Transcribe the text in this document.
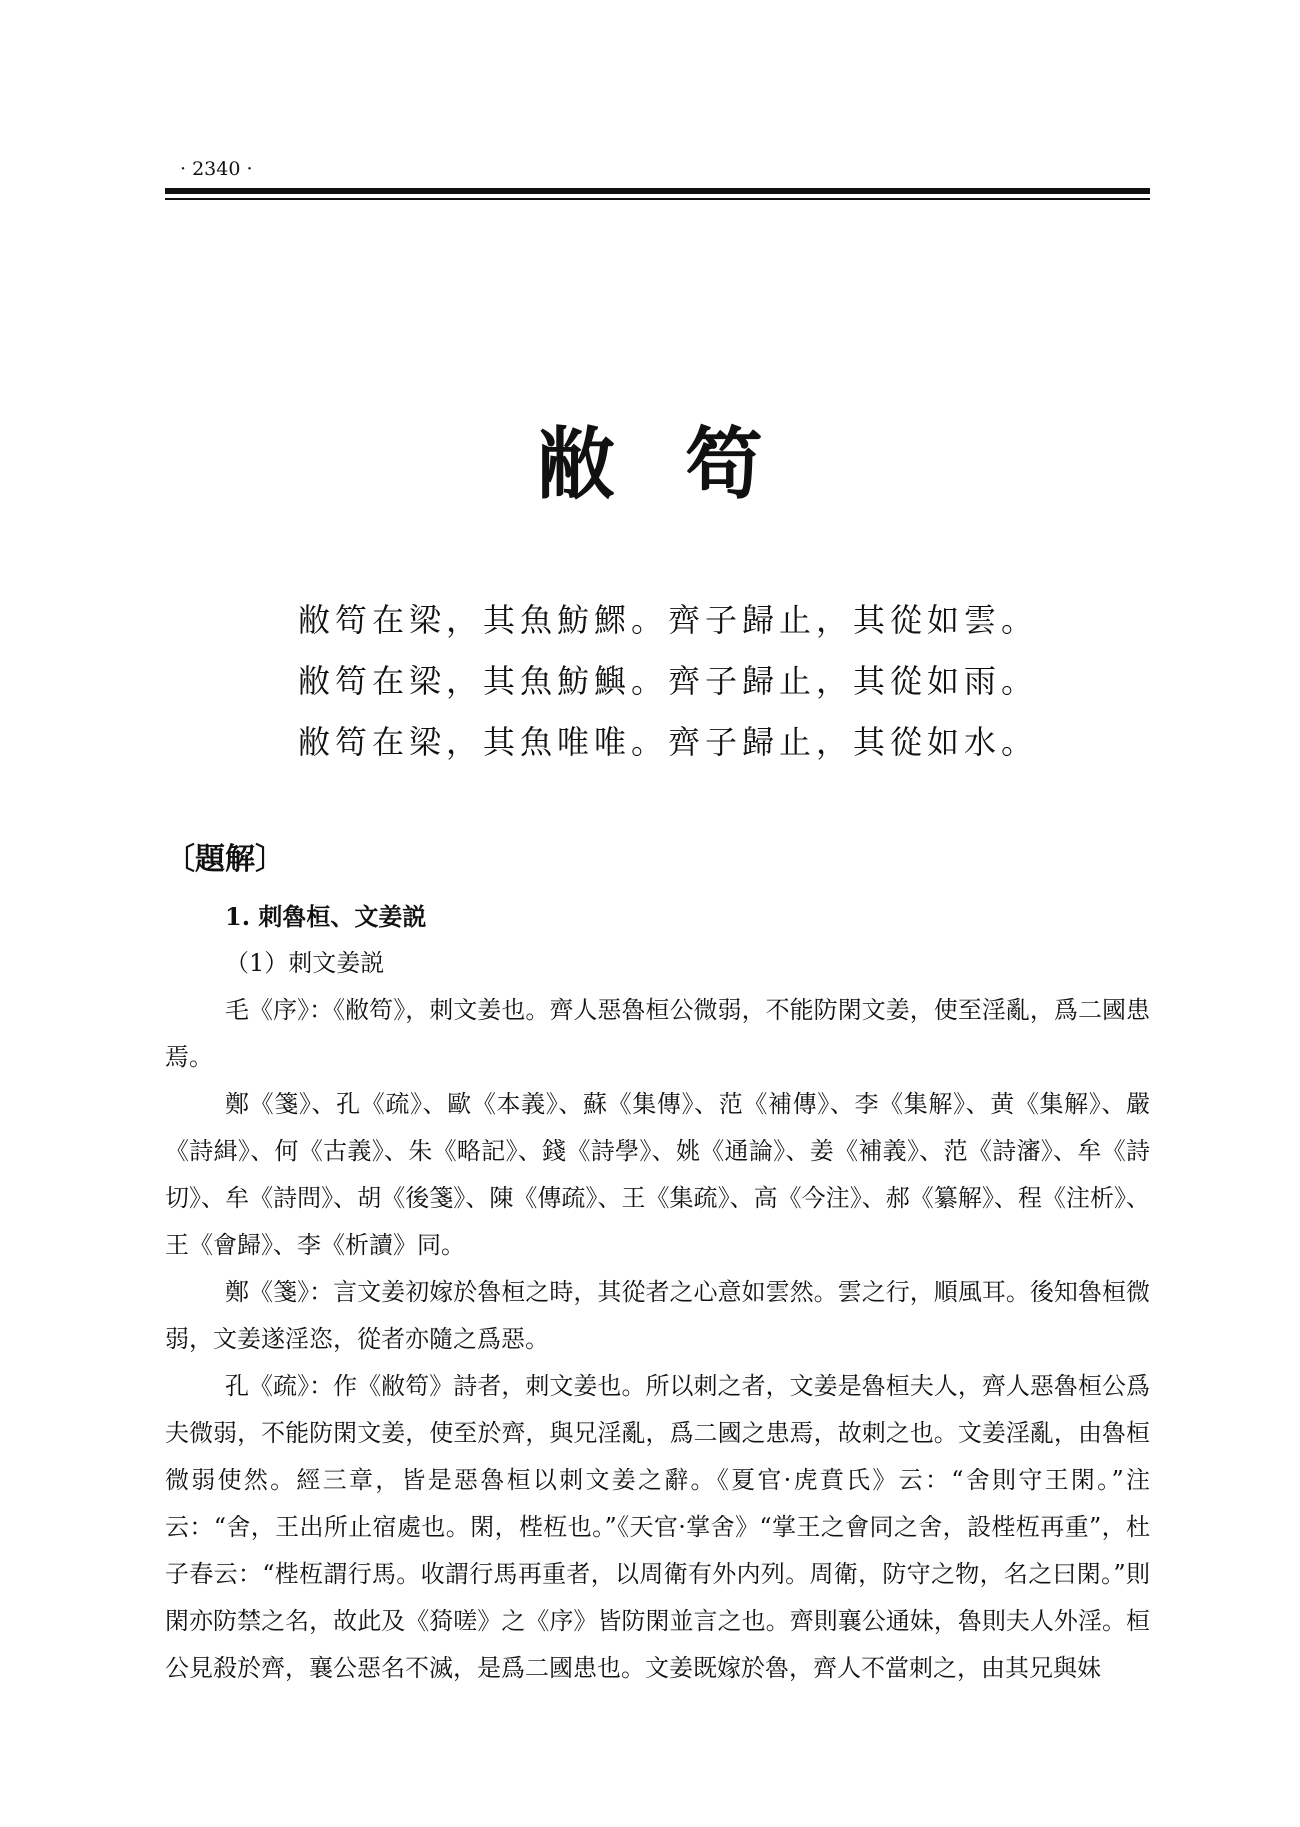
· 2340 ·
敝笱
敝笱在梁，其魚魴鰥。齊子歸止，其從如雲。
敝笱在梁，其魚魴鱮。齊子歸止，其從如雨。
敝笱在梁，其魚唯唯。齊子歸止，其從如水。
〔題解〕
1. 刺魯桓、文姜説
（1）刺文姜説

毛《序》：《敝笱》，刺文姜也。齊人惡魯桓公微弱，不能防閑文姜，使至淫亂，爲二國患焉。

鄭《箋》、孔《疏》、歐《本義》、蘇《集傳》、范《補傳》、李《集解》、黄《集解》、嚴《詩緝》、何《古義》、朱《略記》、錢《詩學》、姚《通論》、姜《補義》、范《詩瀋》、牟《詩切》、牟《詩問》、胡《後箋》、陳《傳疏》、王《集疏》、高《今注》、郝《纂解》、程《注析》、王《會歸》、李《析讀》同。

鄭《箋》：言文姜初嫁於魯桓之時，其從者之心意如雲然。雲之行，順風耳。後知魯桓微弱，文姜遂淫恣，從者亦隨之爲惡。

孔《疏》：作《敝笱》詩者，刺文姜也。所以刺之者，文姜是魯桓夫人，齊人惡魯桓公爲夫微弱，不能防閑文姜，使至於齊，與兄淫亂，爲二國之患焉，故刺之也。文姜淫亂，由魯桓微弱使然。經三章，皆是惡魯桓以刺文姜之辭。《夏官·虎賁氏》云：“舍則守王閑。”注云：“舍，王出所止宿處也。閑，梐枑也。”《天官·掌舍》“掌王之會同之舍，設梐枑再重”，杜子春云：“梐枑謂行馬。收謂行馬再重者，以周衛有外内列。周衛，防守之物，名之曰閑。”則閑亦防禁之名，故此及《猗嗟》之《序》皆防閑並言之也。齊則襄公通妹，魯則夫人外淫。桓公見殺於齊，襄公惡名不滅，是爲二國患也。文姜既嫁於魯，齊人不當刺之，由其兄與妹
